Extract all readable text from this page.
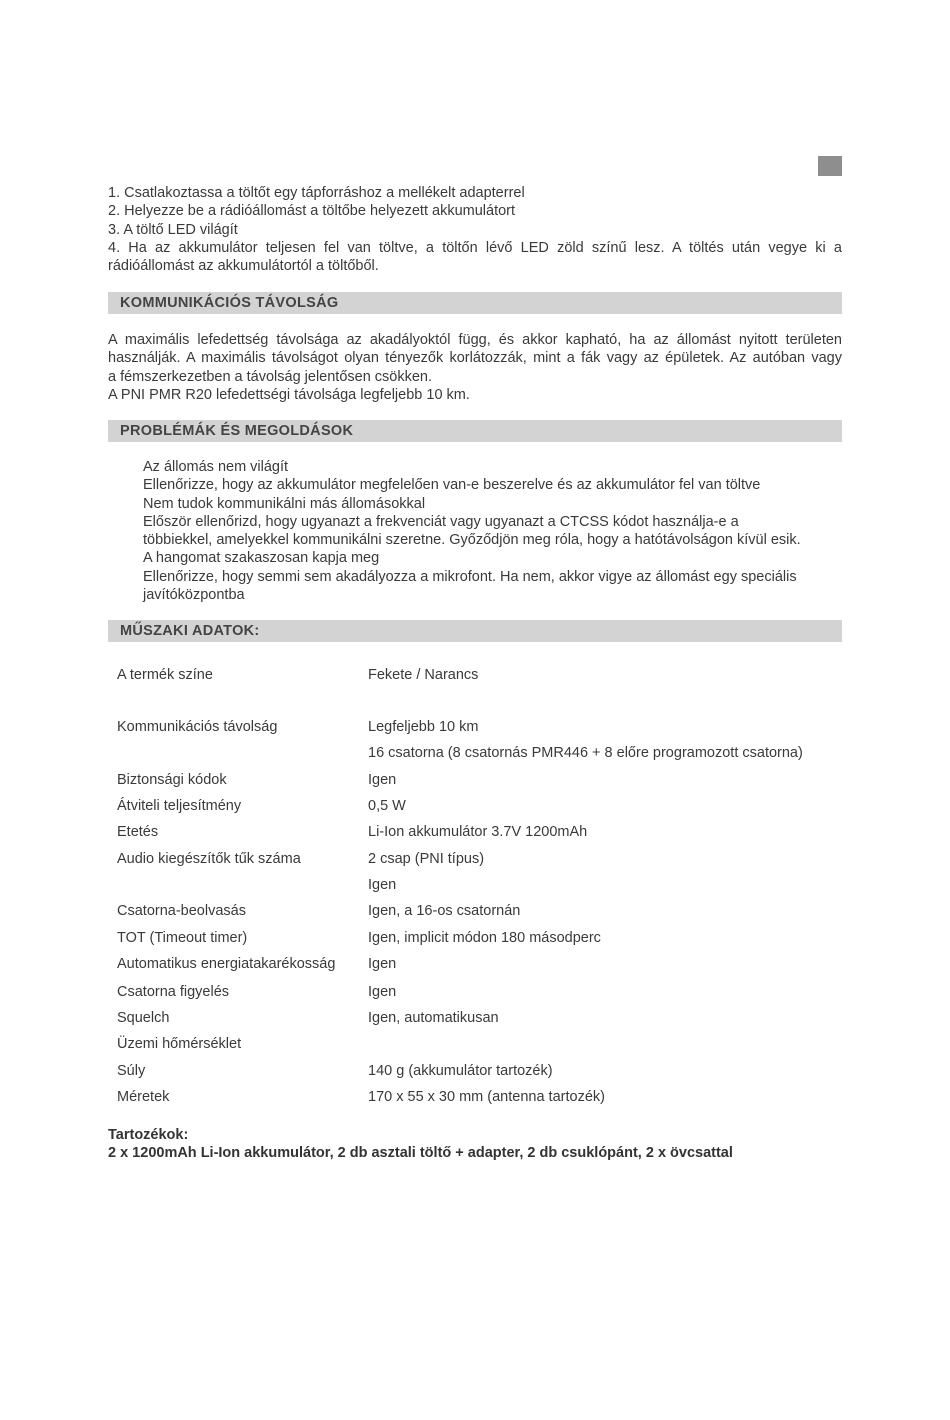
1. Csatlakoztassa a töltőt egy tápforráshoz a mellékelt adapterrel
2. Helyezze be a rádióállomást a töltőbe helyezett akkumulátort
3. A töltő LED világít
4. Ha az akkumulátor teljesen fel van töltve, a töltőn lévő LED zöld színű lesz. A töltés után vegye ki a
rádióállomást az akkumulátortól a töltőből.
KOMMUNIKÁCIÓS TÁVOLSÁG
A maximális lefedettség távolsága az akadályoktól függ, és akkor kapható, ha az állomást nyitott területen
használják. A maximális távolságot olyan tényezők korlátozzák, mint a fák vagy az épületek. Az autóban vagy
a fémszerkezetben a távolság jelentősen csökken.
A PNI PMR R20 lefedettségi távolsága legfeljebb 10 km.
PROBLÉMÁK ÉS MEGOLDÁSOK
Az állomás nem világít
Ellenőrizze, hogy az akkumulátor megfelelően van-e beszerelve és az akkumulátor fel van töltve
Nem tudok kommunikálni más állomásokkal
Először ellenőrizd, hogy ugyanazt a frekvenciát vagy ugyanazt a CTCSS kódot használja-e a
többiekkel, amelyekkel kommunikálni szeretne. Győződjön meg róla, hogy a hatótávolságon kívül esik.
A hangomat szakaszosan kapja meg
Ellenőrizze, hogy semmi sem akadályozza a mikrofont. Ha nem, akkor vigye az állomást egy speciális
javítóközpontba
MŰSZAKI ADATOK:
A termék színe	Fekete / Narancs
Kommunikációs távolság	Legfeljebb 10 km
16 csatorna (8 csatornás PMR446 + 8 előre programozott csatorna)
Biztonsági kódok	Igen
Átviteli teljesítmény	0,5 W
Etetés	Li-Ion akkumulátor 3.7V 1200mAh
Audio kiegészítők tűk száma	2 csap (PNI típus)
Igen
Csatorna-beolvasás	Igen, a 16-os csatornán
TOT (Timeout timer)	Igen, implicit módon 180 másodperc
Automatikus energiatakarékosság Igen
Csatorna figyelés	Igen
Squelch	Igen, automatikusan
Üzemi hőmérséklet
Súly	140 g (akkumulátor tartozék)
Méretek	170 x 55 x 30 mm (antenna tartozék)
Tartozékok:
2 x 1200mAh Li-Ion akkumulátor, 2 db asztali töltő + adapter, 2 db csuklópánt, 2 x övcsattal
